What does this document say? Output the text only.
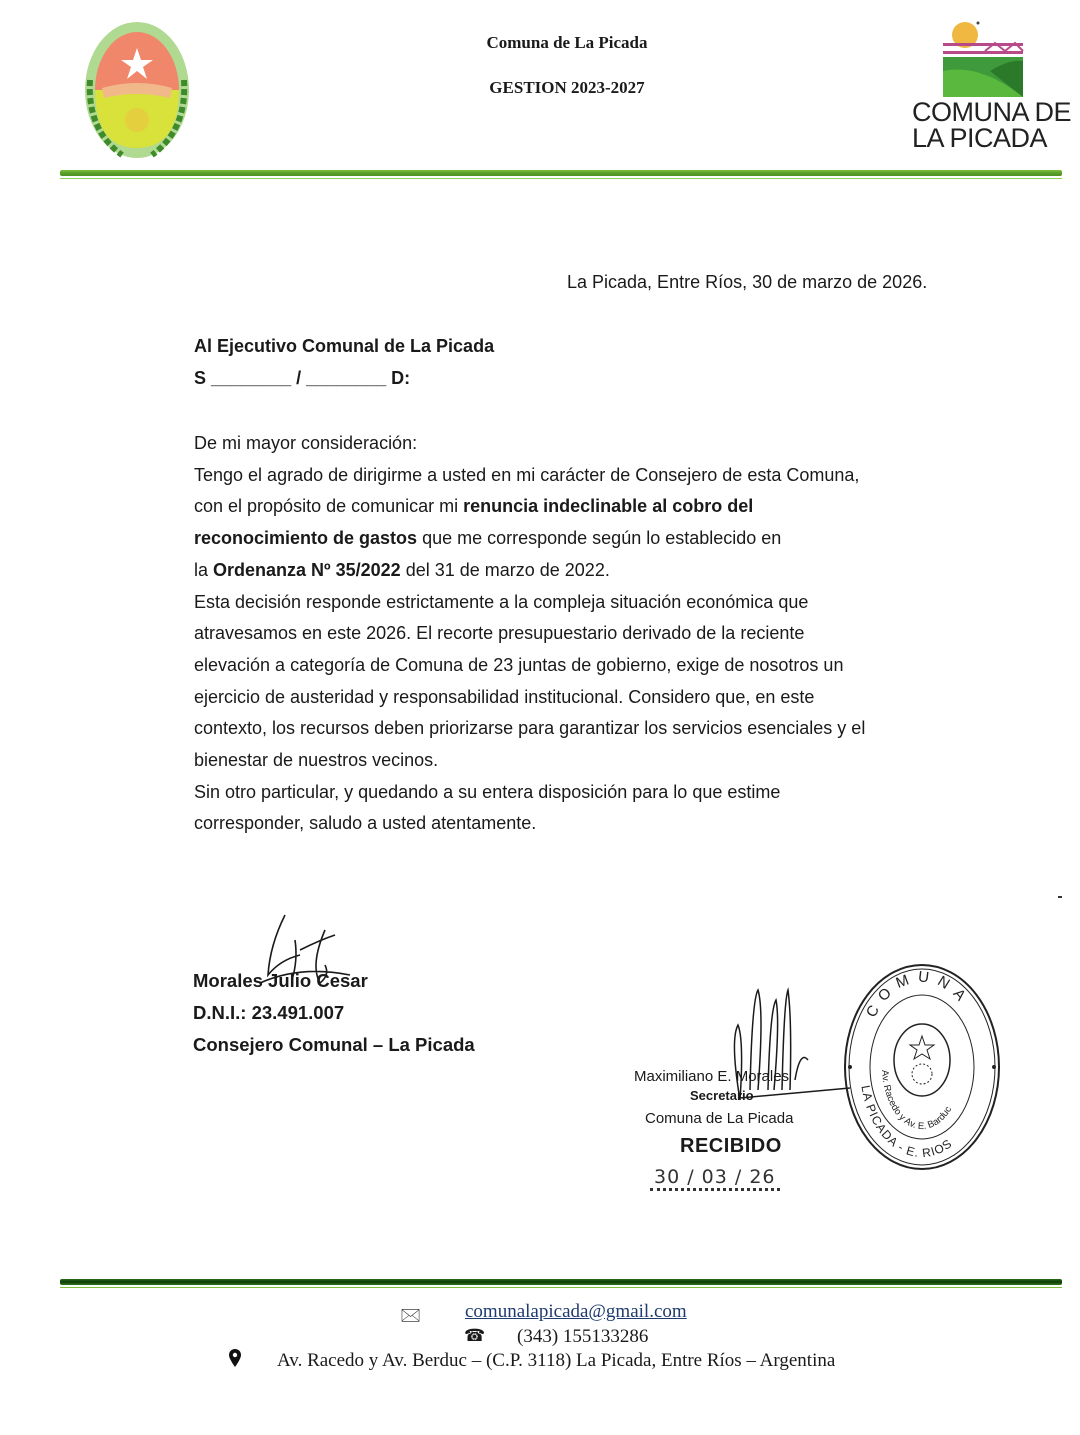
Comuna de La Picada
GESTION 2023-2027
COMUNA DE
LA PICADA
La Picada, Entre Ríos, 30 de marzo de 2026.
Al Ejecutivo Comunal de La Picada
S ________ / ________ D:

De mi mayor consideración:

Tengo el agrado de dirigirme a usted en mi carácter de Consejero de esta Comuna,
con el propósito de comunicar mi renuncia indeclinable al cobro del
reconocimiento de gastos que me corresponde según lo establecido en
la Ordenanza Nº 35/2022 del 31 de marzo de 2022.

Esta decisión responde estrictamente a la compleja situación económica que
atravesamos en este 2026. El recorte presupuestario derivado de la reciente
elevación a categoría de Comuna de 23 juntas de gobierno, exige de nosotros un
ejercicio de austeridad y responsabilidad institucional. Considero que, en este
contexto, los recursos deben priorizarse para garantizar los servicios esenciales y el
bienestar de nuestros vecinos.

Sin otro particular, y quedando a su entera disposición para lo que estime
corresponder, saludo a usted atentamente.

Morales Julio Cesar
D.N.I.: 23.491.007
Consejero Comunal – La Picada
Maximiliano E. Morales
Secretario
Comuna de La Picada
RECIBIDO
30 / 03 / 26
COMUNA
LA PICADA - E. RIOS
Av. Racedo y Av. E. Barduc
🖂 comunalapicada@gmail.com
☎ (343) 155133286
Av. Racedo y Av. Berduc – (C.P. 3118) La Picada, Entre Ríos – Argentina
